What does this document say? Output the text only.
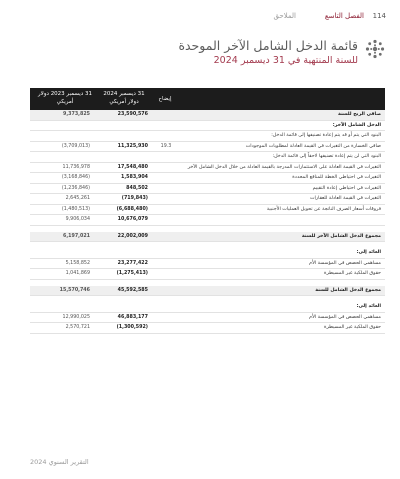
114
الفصل التاسع
الملاحق
قائمة الدخل الشامل الآخر الموحدة
للسنة المنتهية في 31 ديسمبر 2024
إيضاح
31 ديسمبر 2024 دولار أمريكي
31 ديسمبر 2023 دولار أمريكي
صافي الربح للسنة
23,590,576
9,373,825
الدخل الشامل الآخر:
البنود التي يتم أو قد يتم إعادة تصنيفها إلى قائمة الدخل:
صافي الخسارة من التغيرات في القيمة العادلة لمطلوبات الموجودات
19.3
11,325,930
(3,709,013)
البنود التي لن يتم إعادة تصنيفها لاحقاً إلى قائمة الدخل:
التغيرات في القيمة العادلة على الاستثمارات المدرجة بالقيمة العادلة من خلال الدخل الشامل الآخر
17,548,480
11,736,978
التغيرات في احتياطي الخطة للمنافع المحددة
1,583,904
(3,168,846)
التغيرات في احتياطي إعادة التقييم
848,502
(1,236,846)
التغيرات في القيمة العادلة للعقارات
(719,843)
2,645,261
فروقات أسعار الصرف الناتجة عن تحويل العمليات الأجنبية
(6,688,480)
(1,480,513)
10,676,079
9,906,034
مجموع الدخل الشامل الآخر للسنة
22,002,009
6,197,021
العائد إلى:
مساهمي الحصص في المؤسسة الأم
23,277,422
5,158,852
حقوق الملكية غير المسيطرة
(1,275,413)
1,041,869
مجموع الدخل الشامل للسنة
45,592,585
15,570,746
العائد إلى:
مساهمي الحصص في المؤسسة الأم
46,883,177
12,990,025
حقوق الملكية غير المسيطرة
(1,300,592)
2,570,721
التقرير السنوي 2024
